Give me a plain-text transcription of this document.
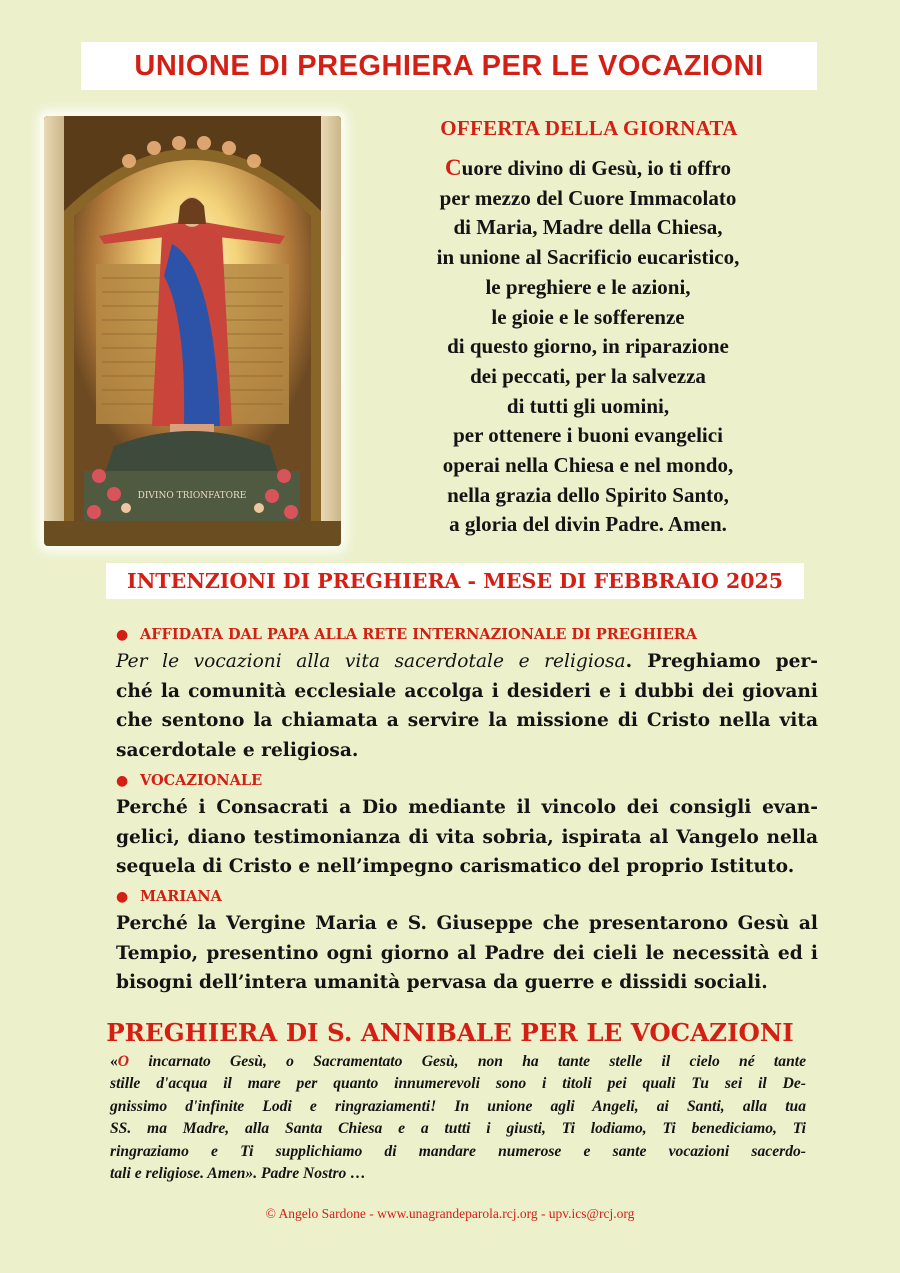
UNIONE DI PREGHIERA PER LE VOCAZIONI
DIVINO TRIONFATORE
OFFERTA DELLA GIORNATA
Cuore divino di Gesù, io ti offro
per mezzo del Cuore Immacolato
di Maria, Madre della Chiesa,
in unione al Sacrificio eucaristico,
le preghiere e le azioni,
le gioie e le sofferenze
di questo giorno, in riparazione
dei peccati, per la salvezza
di tutti gli uomini,
per ottenere i buoni evangelici
operai nella Chiesa e nel mondo,
nella grazia dello Spirito Santo,
a gloria del divin Padre. Amen.
INTENZIONI DI PREGHIERA - MESE DI FEBBRAIO 2025
● AFFIDATA DAL PAPA ALLA RETE INTERNAZIONALE DI PREGHIERA
Per le vocazioni alla vita sacerdotale e religiosa. Preghiamo per-
ché la comunità ecclesiale accolga i desideri e i dubbi dei giovani
che sentono la chiamata a servire la missione di Cristo nella vita
sacerdotale e religiosa.
● VOCAZIONALE
Perché i Consacrati a Dio mediante il vincolo dei consigli evan-
gelici, diano testimonianza di vita sobria, ispirata al Vangelo nella
sequela di Cristo e nell’impegno carismatico del proprio Istituto.
● MARIANA
Perché la Vergine Maria e S. Giuseppe che presentarono Gesù al
Tempio, presentino ogni giorno al Padre dei cieli le necessità ed i
bisogni dell’intera umanità pervasa da guerre e dissidi sociali.
PREGHIERA DI S. ANNIBALE PER LE VOCAZIONI
«O incarnato Gesù, o Sacramentato Gesù, non ha tante stelle il cielo né tante
stille d'acqua il mare per quanto innumerevoli sono i titoli pei quali Tu sei il De-
gnissimo d'infinite Lodi e ringraziamenti! In unione agli Angeli, ai Santi, alla tua
SS. ma Madre, alla Santa Chiesa e a tutti i giusti, Ti lodiamo, Ti benediciamo, Ti
ringraziamo e Ti supplichiamo di mandare numerose e sante vocazioni sacerdo-
tali e religiose. Amen». Padre Nostro …
© Angelo Sardone - www.unagrandeparola.rcj.org - upv.ics@rcj.org
